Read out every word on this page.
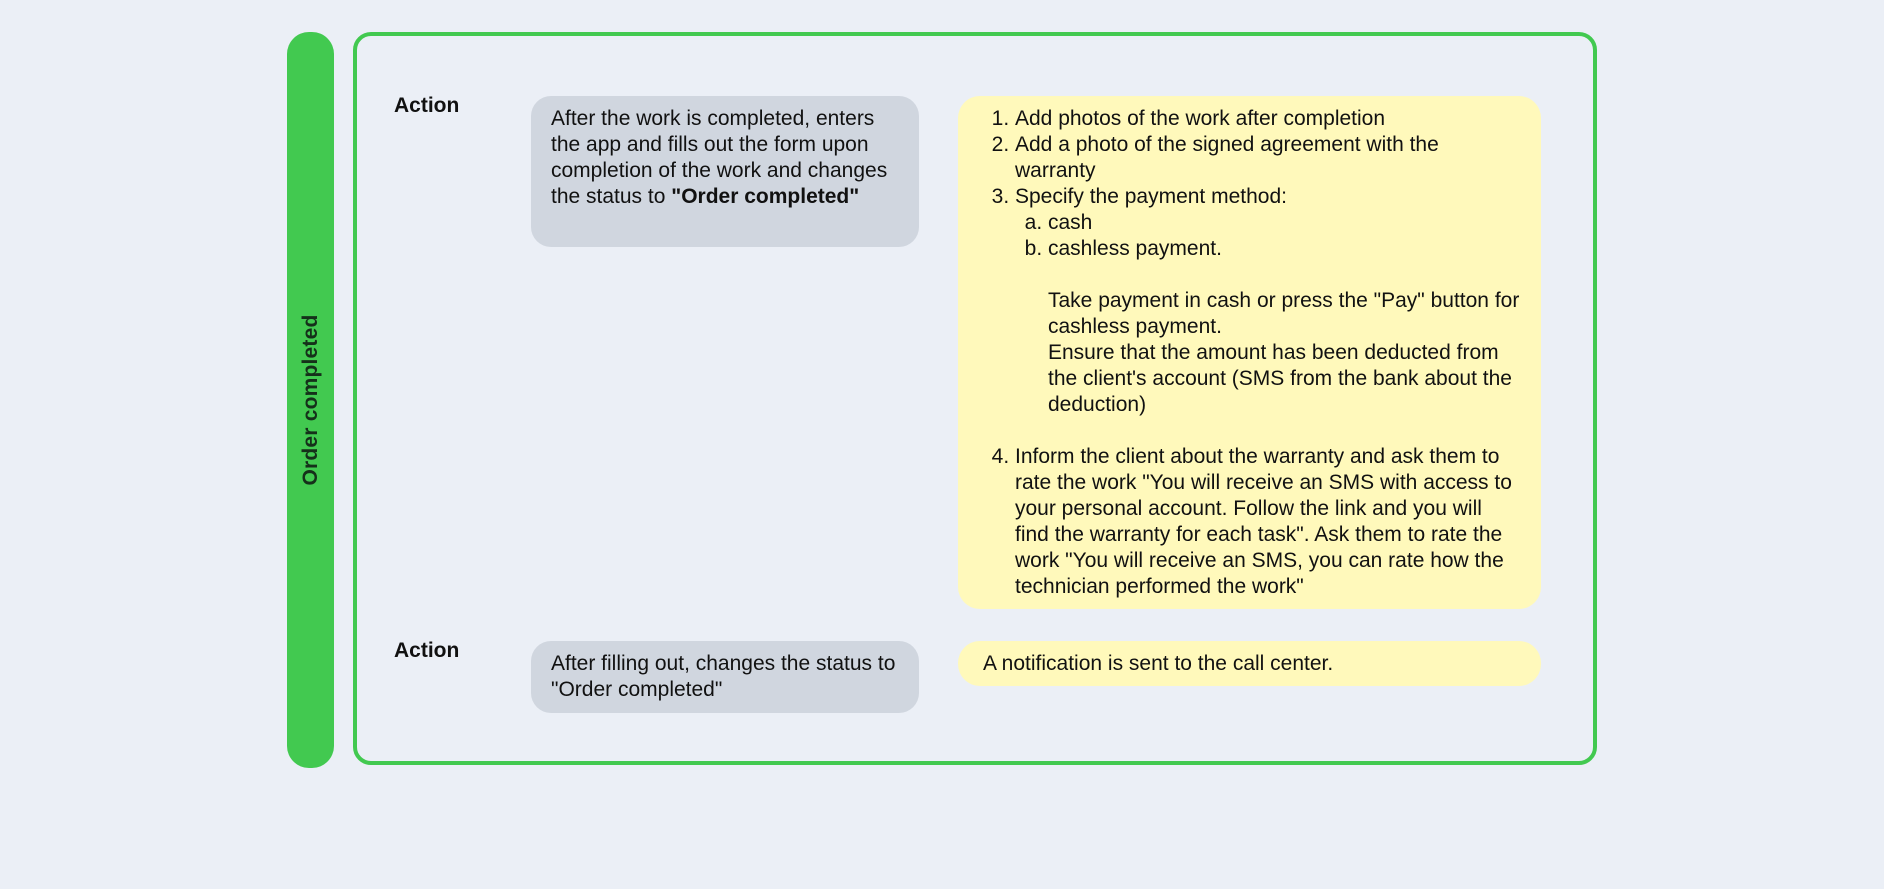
Order completed
Action
After the work is completed, enters the app and fills out the form upon completion of the work and changes the status to "Order completed"
1. Add photos of the work after completion
2. Add a photo of the signed agreement with the warranty
3. Specify the payment method:
a. cash
b. cashless payment.

Take payment in cash or press the "Pay" button for cashless payment.

Ensure that the amount has been deducted from the client's account (SMS from the bank about the deduction)

4. Inform the client about the warranty and ask them to rate the work "You will receive an SMS with access to your personal account. Follow the link and you will find the warranty for each task". Ask them to rate the work "You will receive an SMS, you can rate how the technician performed the work"
Action
After filling out, changes the status to "Order completed"
A notification is sent to the call center.
